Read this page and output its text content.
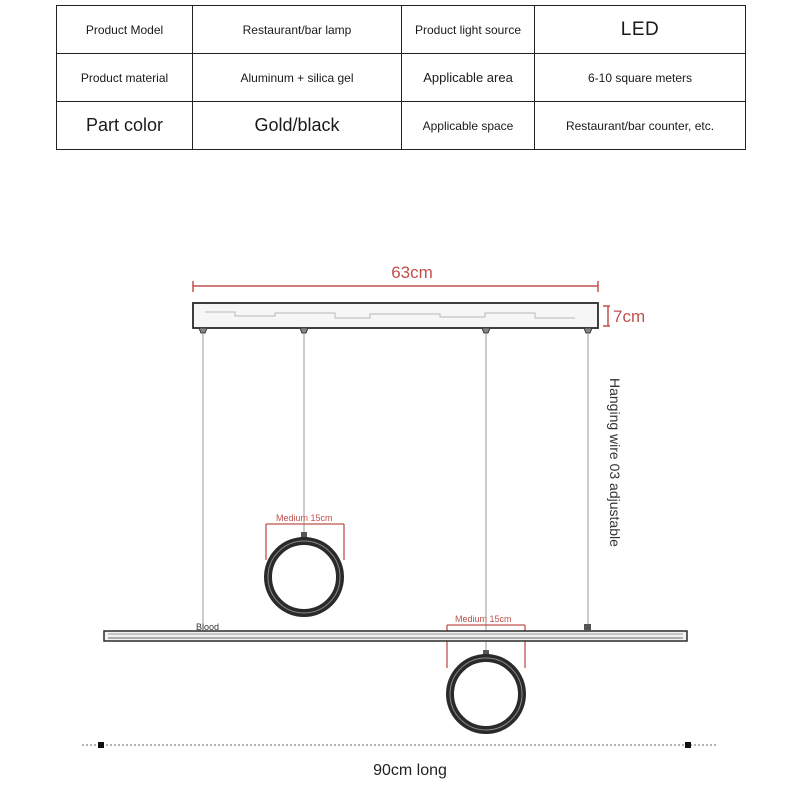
Product Model	Restaurant/bar lamp	Product light source	LED
Product material	Aluminum + silica gel	Applicable area	6-10 square meters
Part color	Gold/black	Applicable space	Restaurant/bar counter, etc.
63cm
7cm
Hanging wire 03 adjustable
Medium 15cm
Medium 15cm
Blood
90cm long
